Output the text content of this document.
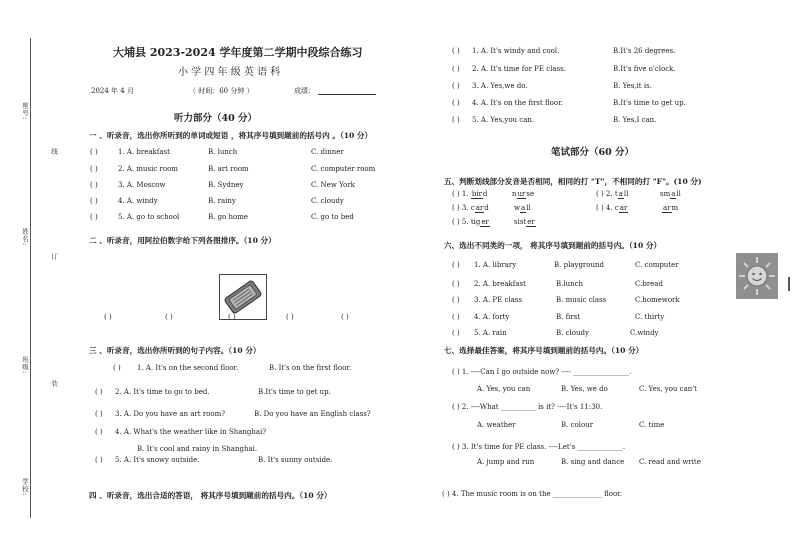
座号:
姓名:
班级:
学校:
线
订
装
大埔县 2023-2024 学年度第二学期中段综合练习
小 学 四 年 级 英 语 科
2024 年 4 月	（ 时间：60 分钟 ）	成绩：
听力部分（40 分）
一 、听录音，选出你所听到的单词或短语 ，将其序号填到题前的括号内 。（10 分）
( )	1. A. breakfast	B. lunch	C. dinner
( )	2. A. music room	B. art room	C. computer room
( )	3. A. Moscow	B. Sydney	C. New York
( )	4. A. windy	B. rainy	C. cloudy
( )	5. A. go to school	B. go home	C. go to bed
二 、听录音，用阿拉伯数字给下列各图排序。（10 分）
( )	( )	( )	( )	( )
三 、听录音，选出你所听到的句子内容。（10 分）
( ) 1. A. It's on the second floor.	B. It's on the first floor.
( ) 2. A. It's time to go to bed.	B.It's time to get up.
( ) 3. A. Do you have an art room?	B. Do you have an English class?
( ) 4. A. What's the weather like in Shanghai?
B. It's cool and rainy in Shanghai.
( ) 5. A. It's snowy outside.	B. It's sunny outside.
四 、听录音，选出合适的答语， 将其序号填到题前的括号内。（10 分）
( ) 1. A. It's windy and cool.	B.It's 26 degrees.
( ) 2. A. It's time for PE class.	B.It's five o'clock.
( ) 3. A. Yes,we do.	B. Yes,it is.
( ) 4. A. It's on the first floor.	B.It's time to get up.
( ) 5. A. Yes,you can.	B. Yes,I can.
笔试部分（60 分）
五、判断划线部分发音是否相同，相同的打 "T"，不相同的打 "F"。(10 分)
( ) 1. bird	nurse	( ) 2. tall	small
( ) 3. card	wall	( ) 4. car	arm
( ) 5. tiger	sister
六、选出不同类的一项， 将其序号填到题前的括号内。（10 分）
( ) 1. A. library	B. playground	C. computer
( ) 2. A. breakfast	B.lunch	C.bread
( ) 3. A. PE class	B. music class	C.homework
( ) 4. A. forty	B. first	C. thirty
( ) 5. A. rain	B. cloudy	C.windy
七、选择最佳答案，将其序号填到题前的括号内。（10 分）
( ) 1. ----Can I go outside now? ---- ________________.
A. Yes, you can	B. Yes, we do	C. Yes, you can't
( ) 2. ----What __________ is it? ----It's 11:30.
A. weather	B. colour	C. time
( ) 3. It's time for PE class. ----Let's _____________.
A. jump and run	B. sing and dance C. read and write
( ) 4. The music room is on the ______________ floor.
